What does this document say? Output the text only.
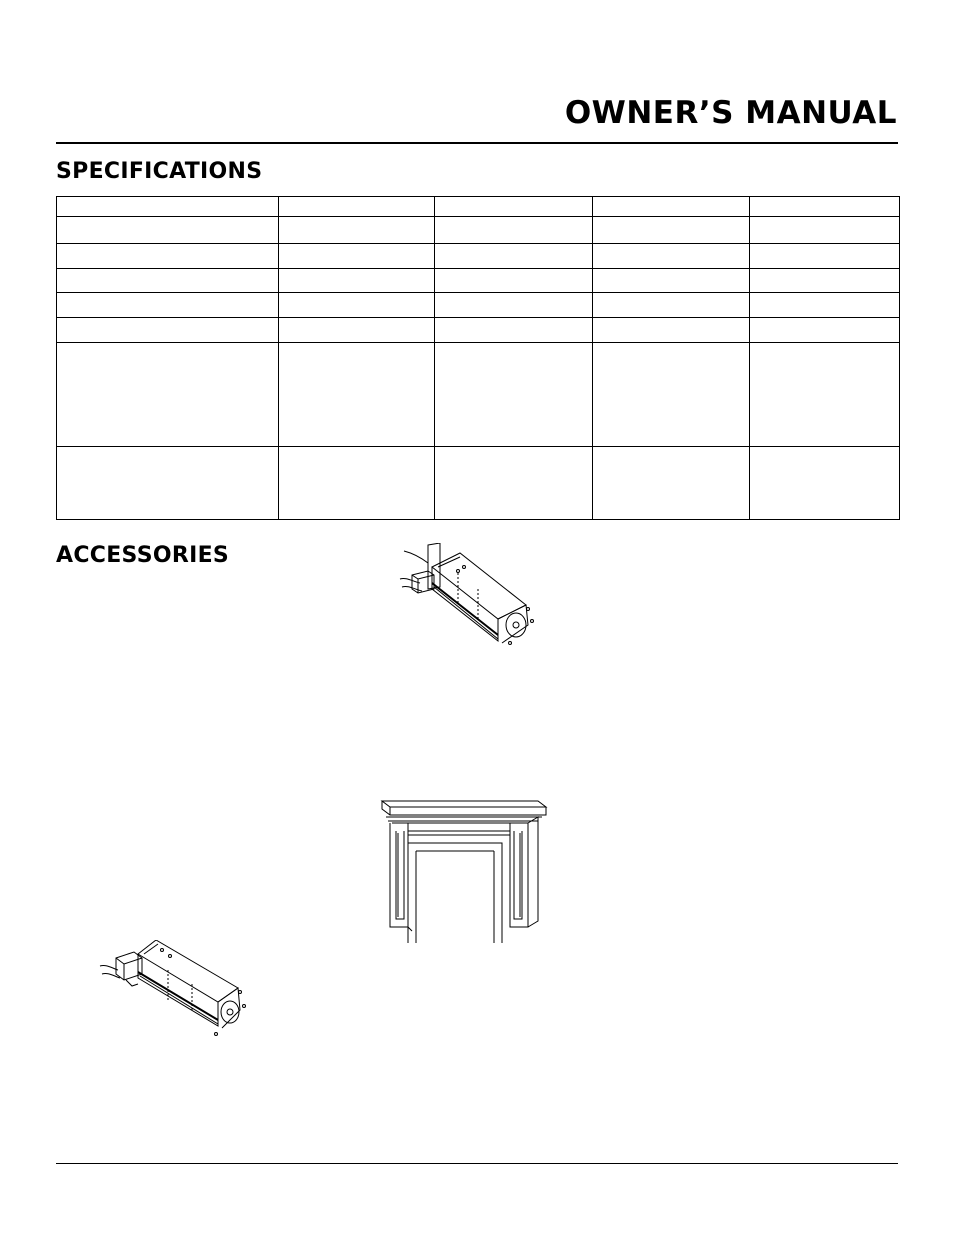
OWNER’S MANUAL
SPECIFICATIONS

ACCESSORIES
